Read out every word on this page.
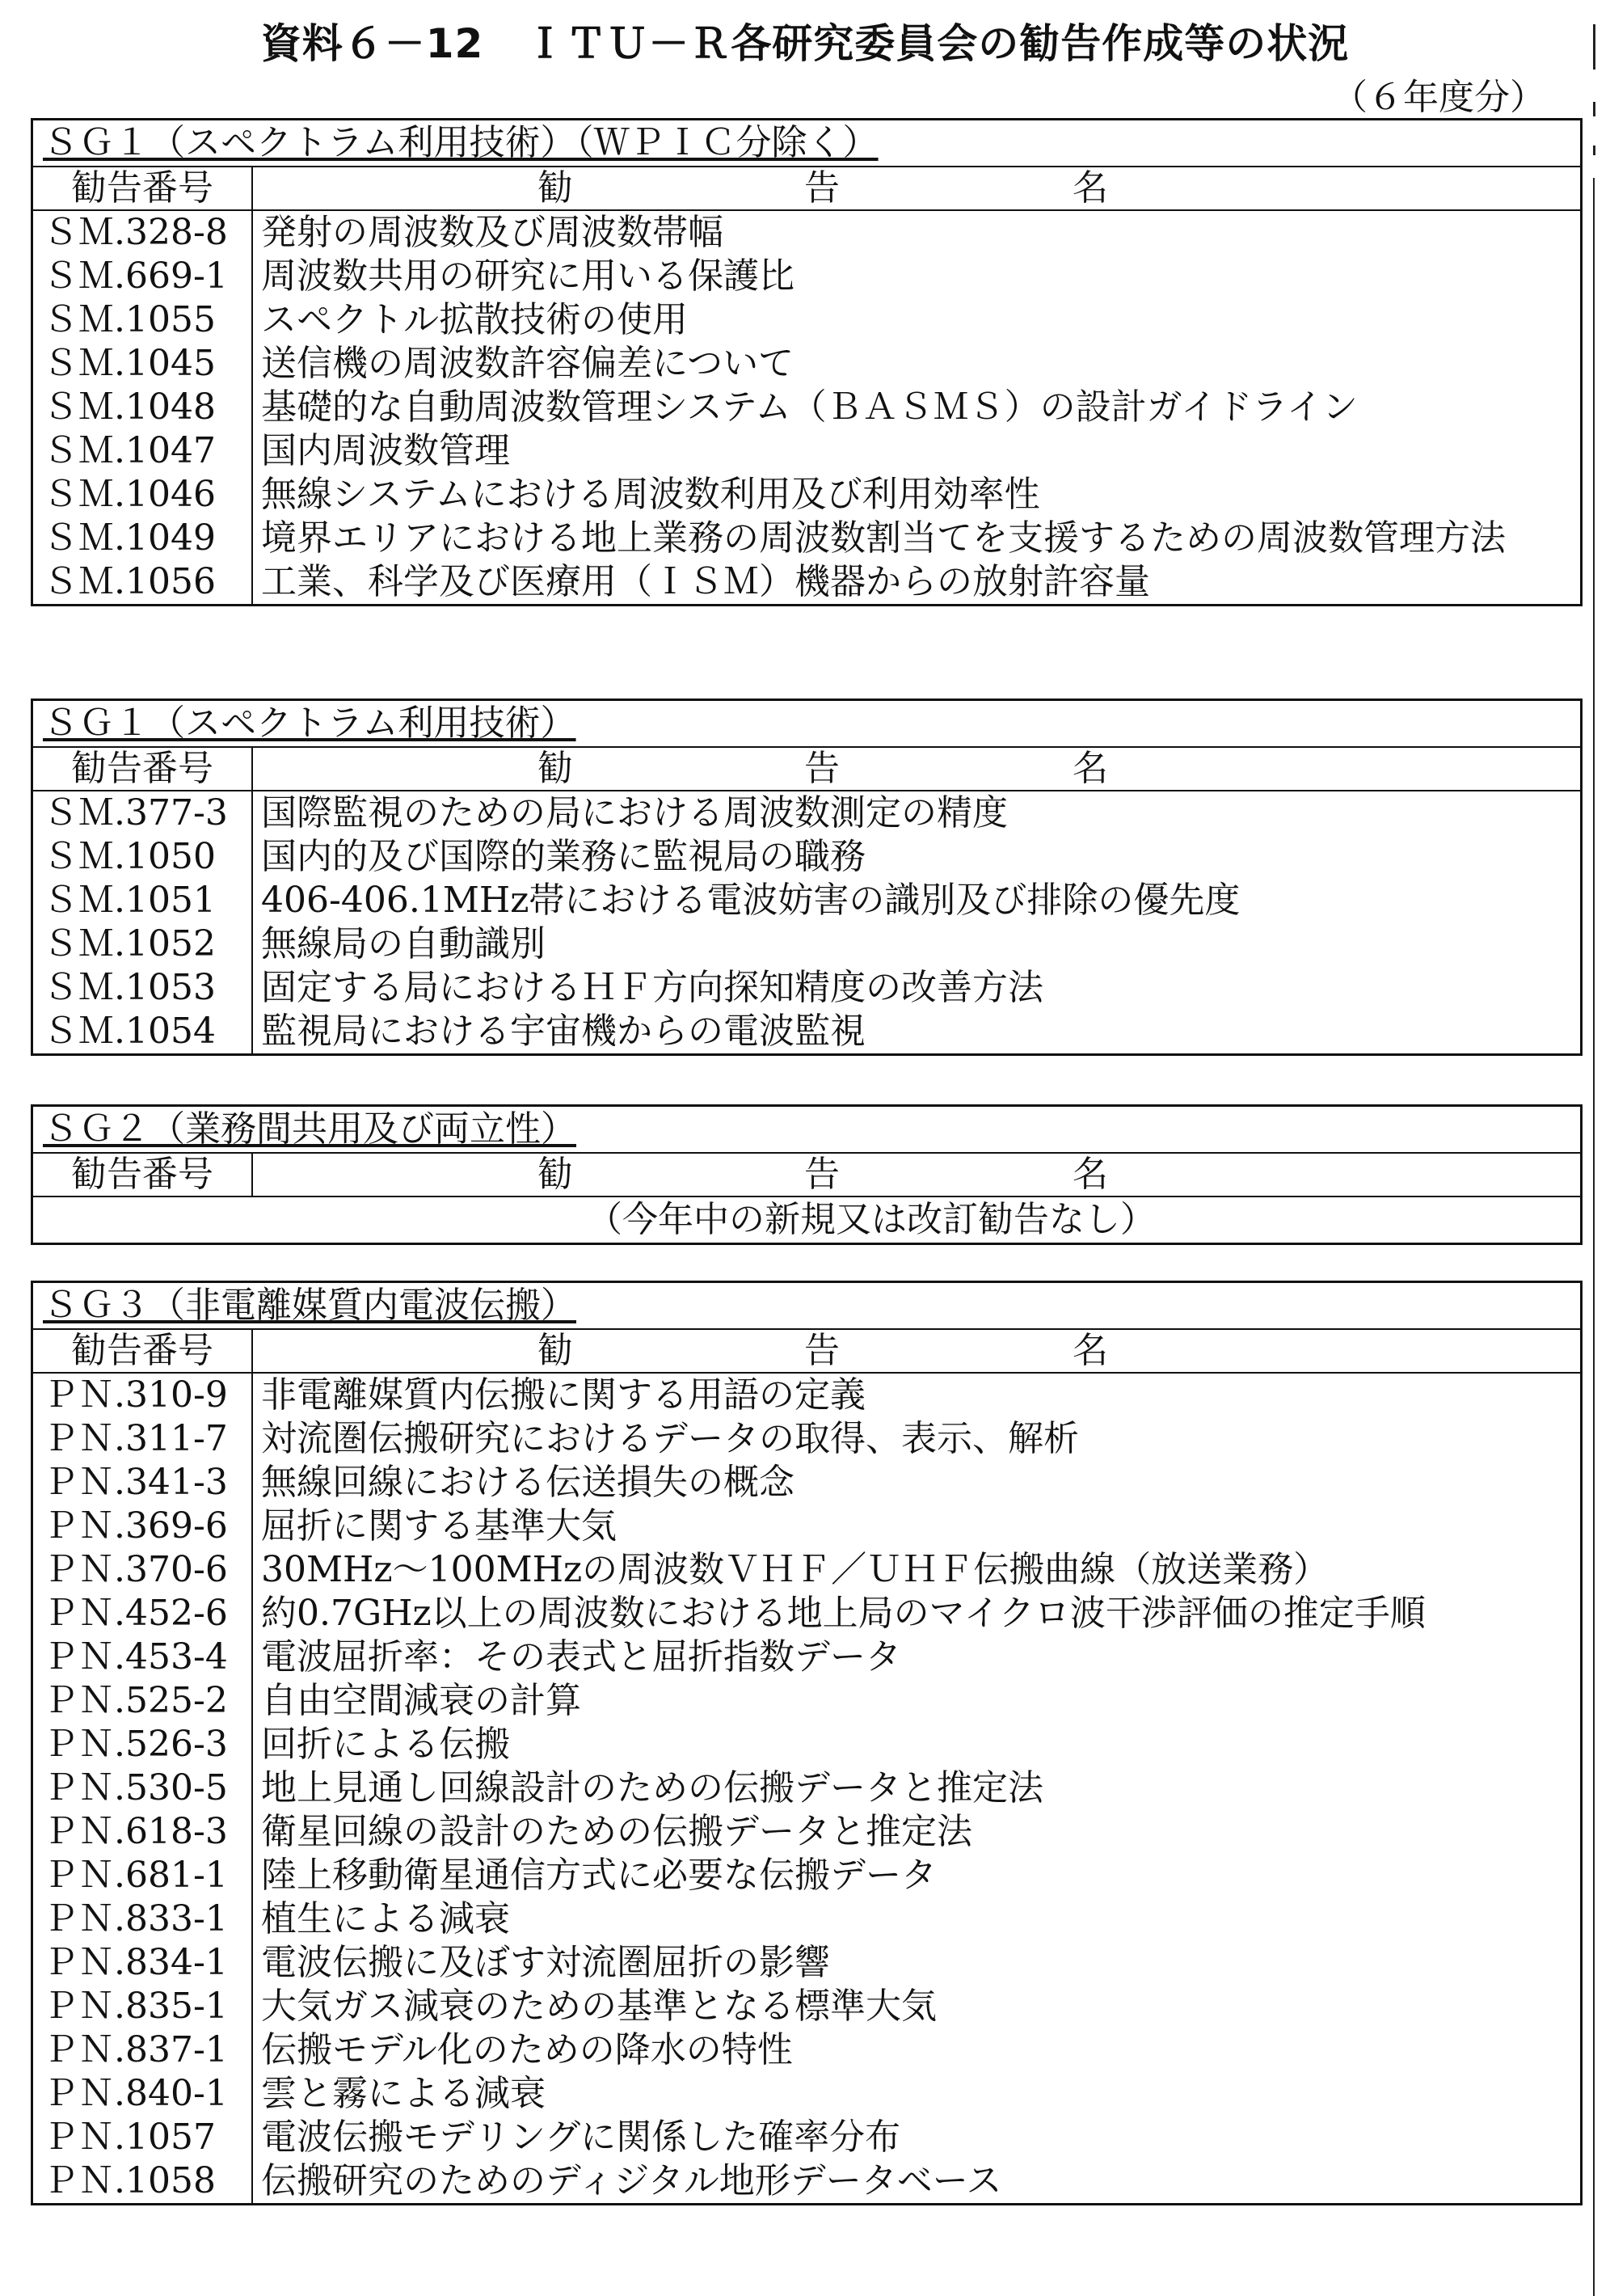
資料６－12　ＩＴＵ－Ｒ各研究委員会の勧告作成等の状況
（６年度分）
ＳＧ１（スペクトラム利用技術）（ＷＰＩＣ分除く）
勧告番号	勧	告	名
ＳＭ.328-8 発射の周波数及び周波数帯幅
ＳＭ.669-1 周波数共用の研究に用いる保護比
ＳＭ.1055	スペクトル拡散技術の使用
ＳＭ.1045	送信機の周波数許容偏差について
ＳＭ.1048	基礎的な自動周波数管理システム（ＢＡＳＭＳ）の設計ガイドライン
ＳＭ.1047	国内周波数管理
ＳＭ.1046	無線システムにおける周波数利用及び利用効率性
ＳＭ.1049	境界エリアにおける地上業務の周波数割当てを支援するための周波数管理方法
ＳＭ.1056	工業、科学及び医療用（ＩＳＭ）機器からの放射許容量
ＳＧ１（スペクトラム利用技術）
勧告番号	勧	告	名
ＳＭ.377-3 国際監視のための局における周波数測定の精度
ＳＭ.1050	国内的及び国際的業務に監視局の職務
ＳＭ.1051	406-406.1MHz帯における電波妨害の識別及び排除の優先度
ＳＭ.1052	無線局の自動識別
ＳＭ.1053	固定する局におけるＨＦ方向探知精度の改善方法
ＳＭ.1054	監視局における宇宙機からの電波監視
ＳＧ２（業務間共用及び両立性）
勧告番号	勧	告	名
（今年中の新規又は改訂勧告なし）
ＳＧ３（非電離媒質内電波伝搬）
勧告番号	勧	告	名
ＰＮ.310-9 非電離媒質内伝搬に関する用語の定義
ＰＮ.311-7 対流圏伝搬研究におけるデータの取得、表示、解析
ＰＮ.341-3 無線回線における伝送損失の概念
ＰＮ.369-6 屈折に関する基準大気
ＰＮ.370-6 30MHz～100MHzの周波数ＶＨＦ／ＵＨＦ伝搬曲線（放送業務）
ＰＮ.452-6 約0.7GHz以上の周波数における地上局のマイクロ波干渉評価の推定手順
ＰＮ.453-4 電波屈折率：その表式と屈折指数データ
ＰＮ.525-2 自由空間減衰の計算
ＰＮ.526-3 回折による伝搬
ＰＮ.530-5 地上見通し回線設計のための伝搬データと推定法
ＰＮ.618-3 衛星回線の設計のための伝搬データと推定法
ＰＮ.681-1 陸上移動衛星通信方式に必要な伝搬データ
ＰＮ.833-1 植生による減衰
ＰＮ.834-1 電波伝搬に及ぼす対流圏屈折の影響
ＰＮ.835-1 大気ガス減衰のための基準となる標準大気
ＰＮ.837-1 伝搬モデル化のための降水の特性
ＰＮ.840-1 雲と霧による減衰
ＰＮ.1057	電波伝搬モデリングに関係した確率分布
ＰＮ.1058	伝搬研究のためのディジタル地形データベース
